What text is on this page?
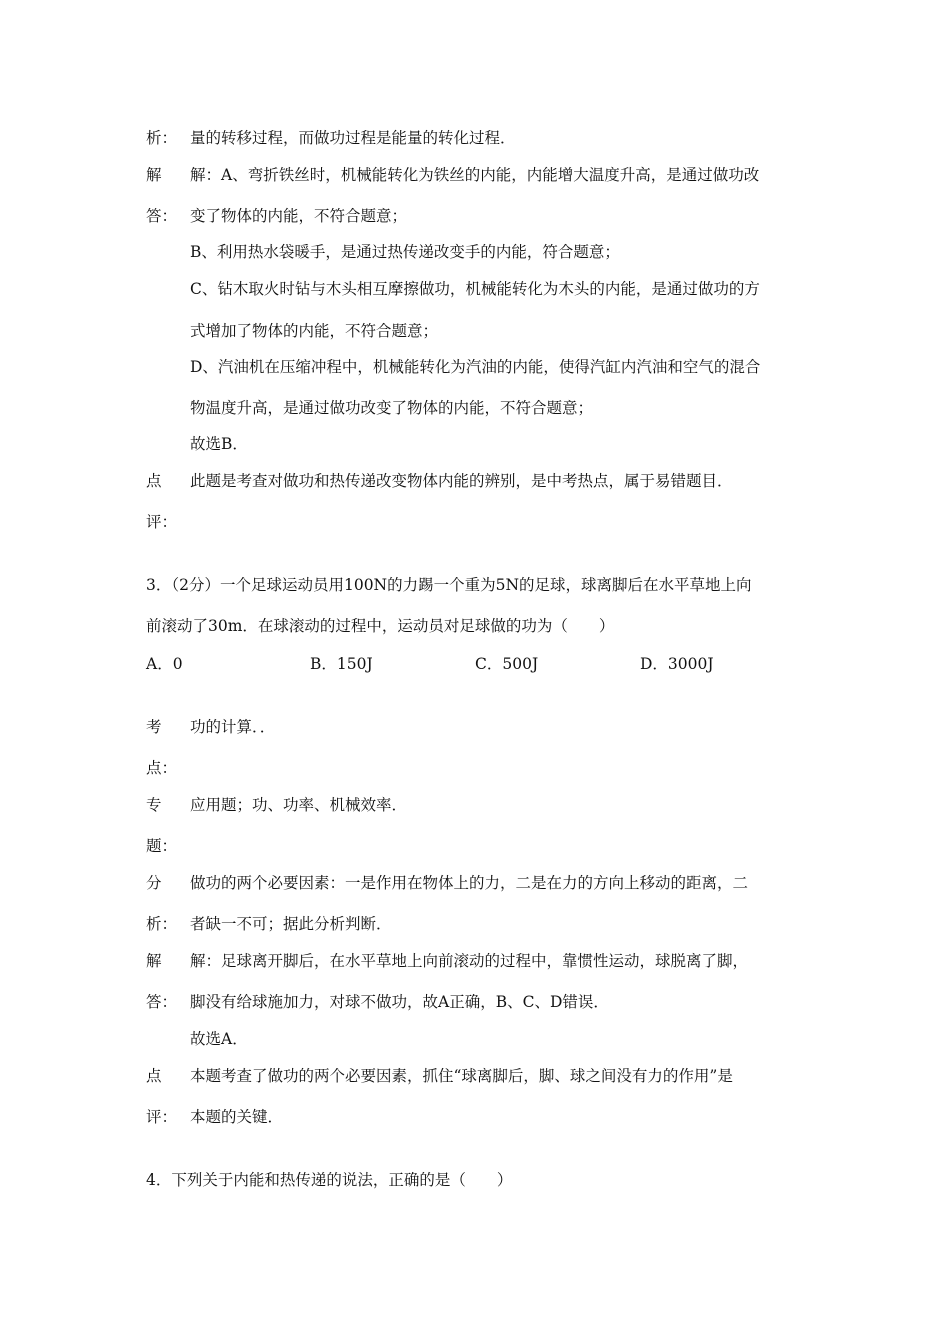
析： 量的转移过程，而做功过程是能量的转化过程．
解 解：A、弯折铁丝时，机械能转化为铁丝的内能，内能增大温度升高，是通过做功改
答： 变了物体的内能，不符合题意；
B、利用热水袋暖手，是通过热传递改变手的内能，符合题意；
C、钻木取火时钻与木头相互摩擦做功，机械能转化为木头的内能，是通过做功的方
式增加了物体的内能，不符合题意；
D、汽油机在压缩冲程中，机械能转化为汽油的内能，使得汽缸内汽油和空气的混合
物温度升高，是通过做功改变了物体的内能，不符合题意；
故选B．
点 此题是考查对做功和热传递改变物体内能的辨别，是中考热点，属于易错题目．
评：
3．（2分）一个足球运动员用100N的力踢一个重为5N的足球，球离脚后在水平草地上向
前滚动了30m．在球滚动的过程中，运动员对足球做的功为（　　）
A．0	B．150J	C．500J	D．3000J
考 功的计算．．
点：
专 应用题；功、功率、机械效率．
题：
分 做功的两个必要因素：一是作用在物体上的力，二是在力的方向上移动的距离，二
析： 者缺一不可；据此分析判断．
解 解：足球离开脚后，在水平草地上向前滚动的过程中，靠惯性运动，球脱离了脚，
答： 脚没有给球施加力，对球不做功，故A正确，B、C、D错误．
故选A．
点 本题考查了做功的两个必要因素，抓住“球离脚后，脚、球之间没有力的作用”是
评： 本题的关键．
4．下列关于内能和热传递的说法，正确的是（　　）
